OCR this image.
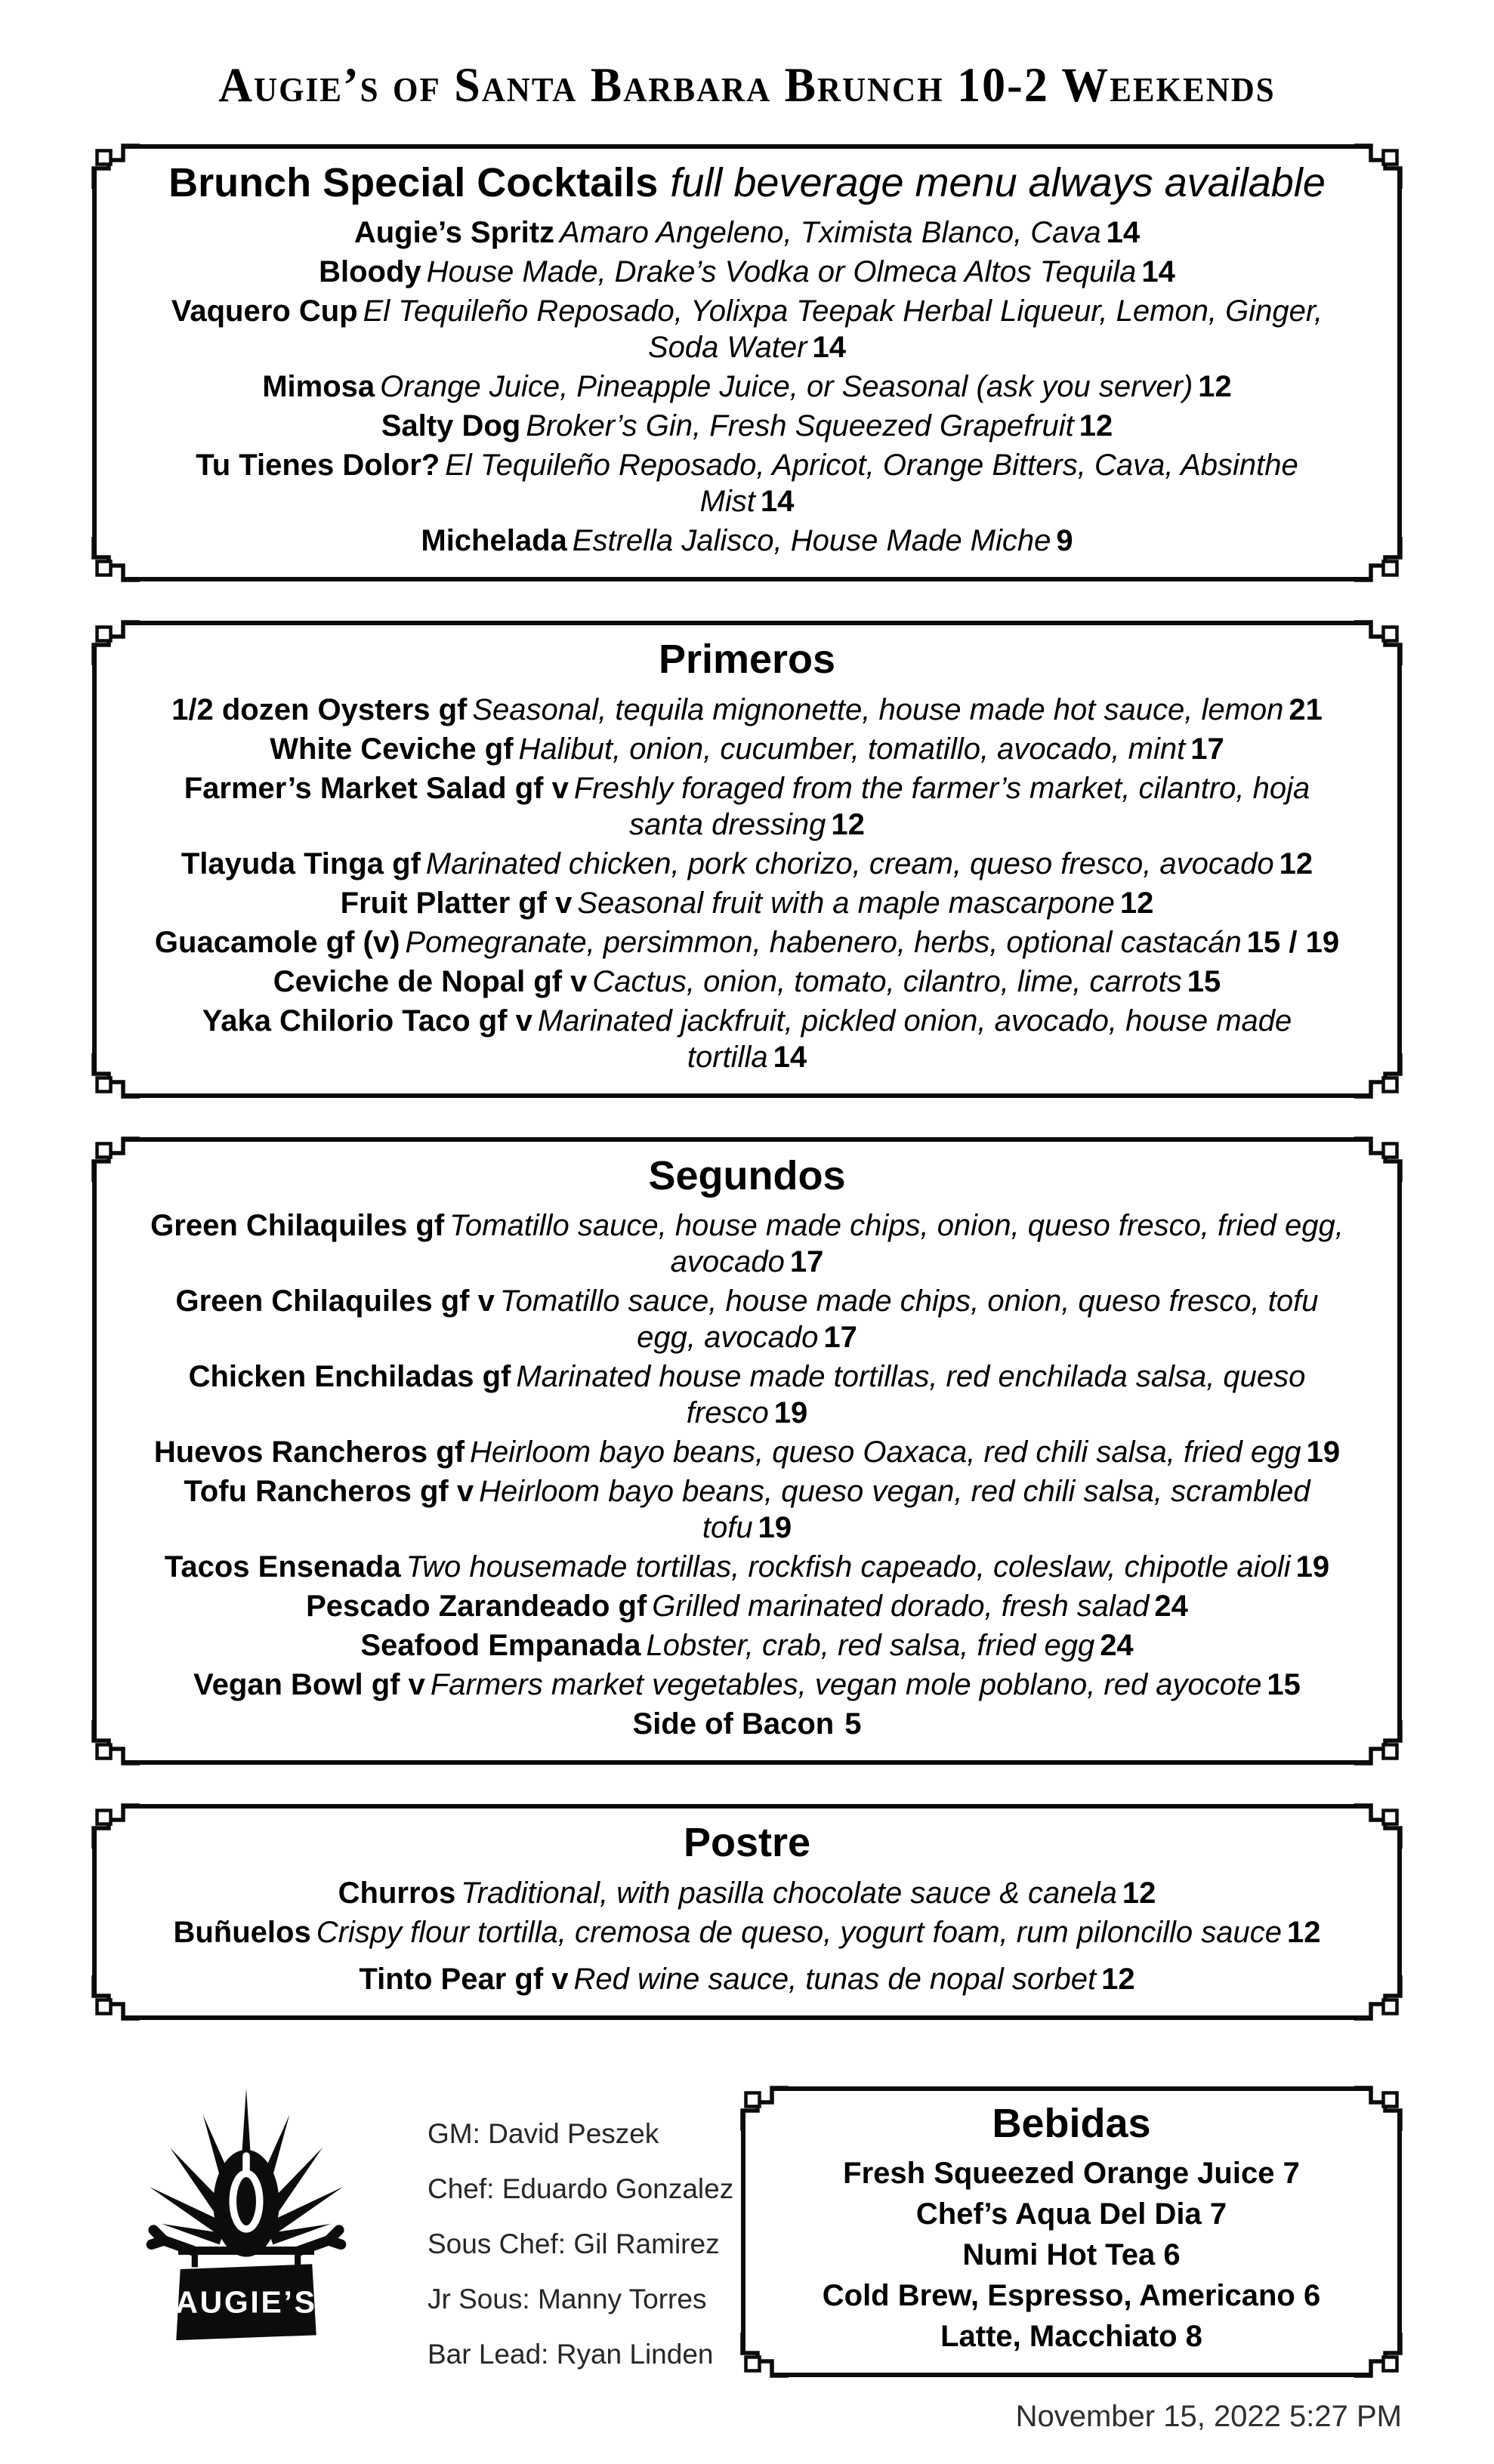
Augie’s of Santa Barbara Brunch 10-2 Weekends
Brunch Special Cocktails full beverage menu always available
Augie’s Spritz Amaro Angeleno, Tximista Blanco, Cava 14
Bloody House Made, Drake’s Vodka or Olmeca Altos Tequila 14
Vaquero Cup El Tequileño Reposado, Yolixpa Teepak Herbal Liqueur, Lemon, Ginger, Soda Water 14
Mimosa Orange Juice, Pineapple Juice, or Seasonal (ask you server) 12
Salty Dog Broker’s Gin, Fresh Squeezed Grapefruit 12
Tu Tienes Dolor? El Tequileño Reposado, Apricot, Orange Bitters, Cava, Absinthe Mist 14
Michelada Estrella Jalisco, House Made Miche 9
Primeros
1/2 dozen Oysters gf Seasonal, tequila mignonette, house made hot sauce, lemon 21
White Ceviche gf Halibut, onion, cucumber, tomatillo, avocado, mint 17
Farmer’s Market Salad gf v Freshly foraged from the farmer’s market, cilantro, hoja santa dressing 12
Tlayuda Tinga gf Marinated chicken, pork chorizo, cream, queso fresco, avocado 12
Fruit Platter gf v Seasonal fruit with a maple mascarpone 12
Guacamole gf (v) Pomegranate, persimmon, habenero, herbs, optional castacán 15 / 19
Ceviche de Nopal gf v Cactus, onion, tomato, cilantro, lime, carrots 15
Yaka Chilorio Taco gf v Marinated jackfruit, pickled onion, avocado, house made tortilla 14
Segundos
Green Chilaquiles gf Tomatillo sauce, house made chips, onion, queso fresco, fried egg, avocado 17
Green Chilaquiles gf v Tomatillo sauce, house made chips, onion, queso fresco, tofu egg, avocado 17
Chicken Enchiladas gf Marinated house made tortillas, red enchilada salsa, queso fresco 19
Huevos Rancheros gf Heirloom bayo beans, queso Oaxaca, red chili salsa, fried egg 19
Tofu Rancheros gf v Heirloom bayo beans, queso vegan, red chili salsa, scrambled tofu 19
Tacos Ensenada Two housemade tortillas, rockfish capeado, coleslaw, chipotle aioli 19
Pescado Zarandeado gf Grilled marinated dorado, fresh salad 24
Seafood Empanada Lobster, crab, red salsa, fried egg 24
Vegan Bowl gf v Farmers market vegetables, vegan mole poblano, red ayocote 15
Side of Bacon 5
Postre
Churros Traditional, with pasilla chocolate sauce & canela 12
Buñuelos Crispy flour tortilla, cremosa de queso, yogurt foam, rum piloncillo sauce 12
Tinto Pear gf v Red wine sauce, tunas de nopal sorbet 12
AUGIE’S
GM: David Peszek
Chef: Eduardo Gonzalez
Sous Chef: Gil Ramirez
Jr Sous: Manny Torres
Bar Lead: Ryan Linden
Bebidas
Fresh Squeezed Orange Juice 7
Chef’s Aqua Del Dia 7
Numi Hot Tea 6
Cold Brew, Espresso, Americano 6
Latte, Macchiato 8
November 15, 2022 5:27 PM
